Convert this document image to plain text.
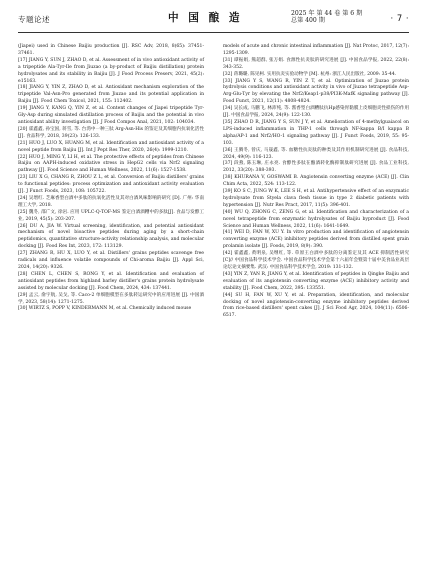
专题论述	中 国 酿 造	2025 年 第 44 卷 第 6 期
总第 400 期	· 7 ·

(Jiapei) used in Chinese Baijiu production [J]. RSC Adv, 2018, 8(65): 37451-37461.

[17] JIANG Y, SUN J, ZHAO D, et al. Assessment of in vivo antioxidant activity of a tripeptide Ala-Tyr-Ile from Jiuzao (a by-product of Baijiu distillation) protein hydrolysates and its stability in Baijiu [J]. J Food Process Preserv, 2021, 45(2): e15163.

[18] JIANG Y, YIN Z, ZHAO D, et al. Antioxidant mechanism exploration of the tripeptide Val-Asn-Pro generated from Jiuzao and its potential application in Baijiu [J]. Food Chem Toxicol, 2021, 155: 112402.

[19] JIANG Y, KANG Q, YIN Z, et al. Content changes of Jiapei tripeptide Tyr-Gly-Asp during simulated distillation process of Baijiu and the potential in vivo antioxidant ability investigation [J]. J Food Compos Anal, 2021, 102: 104034.

[20] 霍鑫鑫, 孙宝国, 蒋雪, 等. 台湾中一种三肽 Arg-Asn-His 的鉴定及其细胞内抗氧化活性 [J]. 食品科学, 2018, 39(23): 126-133.

[21] HUO J, LUO X, HUANG M, et al. Identification and antioxidant activity of a novel peptide from Baijiu [J]. Int J Pept Res Ther, 2020, 26(4): 1999-1210.

[22] HUO J, MING Y, LI H, et al. The protective effects of peptides from Chinese Baijiu on AAPH-induced oxidative stress in HepG2 cells via Nrf2 signaling pathway [J]. Food Science and Human Wellness, 2022, 11(6): 1527-1538.

[23] LIU X G, CHANG R, ZHOU Z L, et al. Conversion of Baijiu distillers' grains to functional peptides: process optimization and antioxidant activity evaluation [J]. J Funct Foods, 2023, 108: 105722.

[24] 吴增红. 芝麻香型白酒中多肽的抗氧化活性及其对白酒风味影响的研究 [D]. 广州: 华南理工大学, 2018.

[25] 魏冬, 邵广文, 徐岩. 应用 UPLC-Q-TOF-MS 鉴定白酒酒糟中的多肽[J]. 食品与发酵工业, 2019, 45(5): 203-207.

[26] DU A, JIA W. Virtual screening, identification, and potential antioxidant mechanism of novel bioactive peptides during aging by a short-chain peptidomics, quantitative structure-activity relationship analysis, and molecular docking [J]. Food Res Int, 2023, 172: 113129.

[27] ZHANG R, HU X, LUO Y, et al. Distillers' grains peptides scavenge free radicals and influence volatile compounds of Chi-aroma Baijiu [J]. Appl Sci, 2024, 14(20): 9326.

[28] CHEN L, CHEN S, RONG Y, et al. Identification and evaluation of antioxidant peptides from highland barley distiller's grains protein hydrolysate assisted by molecular docking [J]. Food Chem, 2024, 434: 137441.

[29] 孟云, 俞宇航, 吴戈, 等. Caco-2 单细胞模型在多肽转运研究中的应用进展 [J]. 中国酒学, 2023, 58(14): 1271-1275.

[30] WIRTZ S, POPP V, KINDERMANN M, et al. Chemically induced mouse

models of acute and chronic intestinal inflammation [J]. Nat Protoc, 2017, 12(7): 1295-1309.

[31] 谭振娟, 熊超群, 张万娟. 食源性抗炎肽的研究进展 [J]. 中国食品学报, 2022, 22(8): 343-352.

[32] 蒋璐璐, 陈见柯. 实用抗炎实验动物学 [M]. 杭州: 浙江人民出版社, 2009: 35-44.

[33] JIANG Y S, WANG R, YIN Z T, et al. Optimization of Jiuzao protein hydrolysis conditions and antioxidant activity in vivo of Jiuzao tetrapeptide Asp-Arg-Glu-Tyr by elevating the Nrf2/Keap1-p38/PI3K-MafK signaling pathway [J]. Food Funct, 2021, 12(11): 4808-4824.

[34] 吴长成, 马鹏飞, 林沛纯, 等. 酱香型白酒糟肽抗Hp感染胃黏膜上皮细胞炎性损伤的作用 [J]. 中国食品学报, 2024, 24(9): 122-130.

[35] ZHAO D R, JIANG Y S, SUN J Y, et al. Amelioration of 4-methylguaiacol on LPS-induced inflammation in THP-1 cells through NF-kappa B/I kappa B alpha/AP-1 and Nrf2/HO-1 signaling pathway [J]. J Funct Foods, 2019, 55: 95-103.

[36] 王腾冬, 曾庆, 马晟鑫, 等. 血糖性抗炎肽的种类及其作用机制研究进展 [J]. 食品科技, 2024, 49(9): 116-123.

[37] 段燕, 陈玉琳, 庄永亮. 食酵性多肽在酿酒转化酶抑制肽研究进展 [J]. 食品工业科技, 2012, 33(20): 388-393.

[38] KHURANA V, GOSWAMI B. Angiotensin converting enzyme (ACE) [J]. Clin Chim Acta, 2022, 524: 113-122.

[39] KO S C, JUNG W K, LEE S H, et al. Antihypertensive effect of an enzymatic hydrolysate from Styela clava flesh tissue in type 2 diabetic patients with hypertension [J]. Nutr Res Pract, 2017, 11(5): 396-401.

[40] WU Q, ZHONG C, ZENG G, et al. Identification and characterization of a novel tetrapeptide from enzymatic hydrolysates of Baijiu byproduct [J]. Food Science and Human Wellness, 2022, 11(6): 1641-1649.

[41] WEI D, FAN W, XU Y. In vitro production and identification of angiotensin converting enzyme (ACE) inhibitory peptides derived from distilled spent grain prolamin isolate [J]. Foods, 2019, 8(9): 390.

[42] 霍鑫鑫, 黄明泉, 吴继红, 等. 草原王白酒中多肽的分离鉴定及其 ACE 抑制活性研究 [C]// 中国食品科学技术学会. 中国食品科学技术学会第十六届年会暨第十届中美食品业高层论坛论文摘要集. 武汉: 中国食品科学技术学会, 2019: 131-132.

[43] YIN Z, YAN R, JIANG Y, et al. Identification of peptides in Qingke Baijiu and evaluation of its angiotensin converting enzyme (ACE) inhibitory activity and stability [J]. Food Chem, 2022, 395: 133551.

[44] SU H, FAN W, XU Y, et al. Preparation, identification, and molecular docking of novel angiotensin-converting enzyme inhibitory peptides derived from rice-based distillers' spent cakes [J]. J Sci Food Agr, 2024, 104(11): 6506-6517.
